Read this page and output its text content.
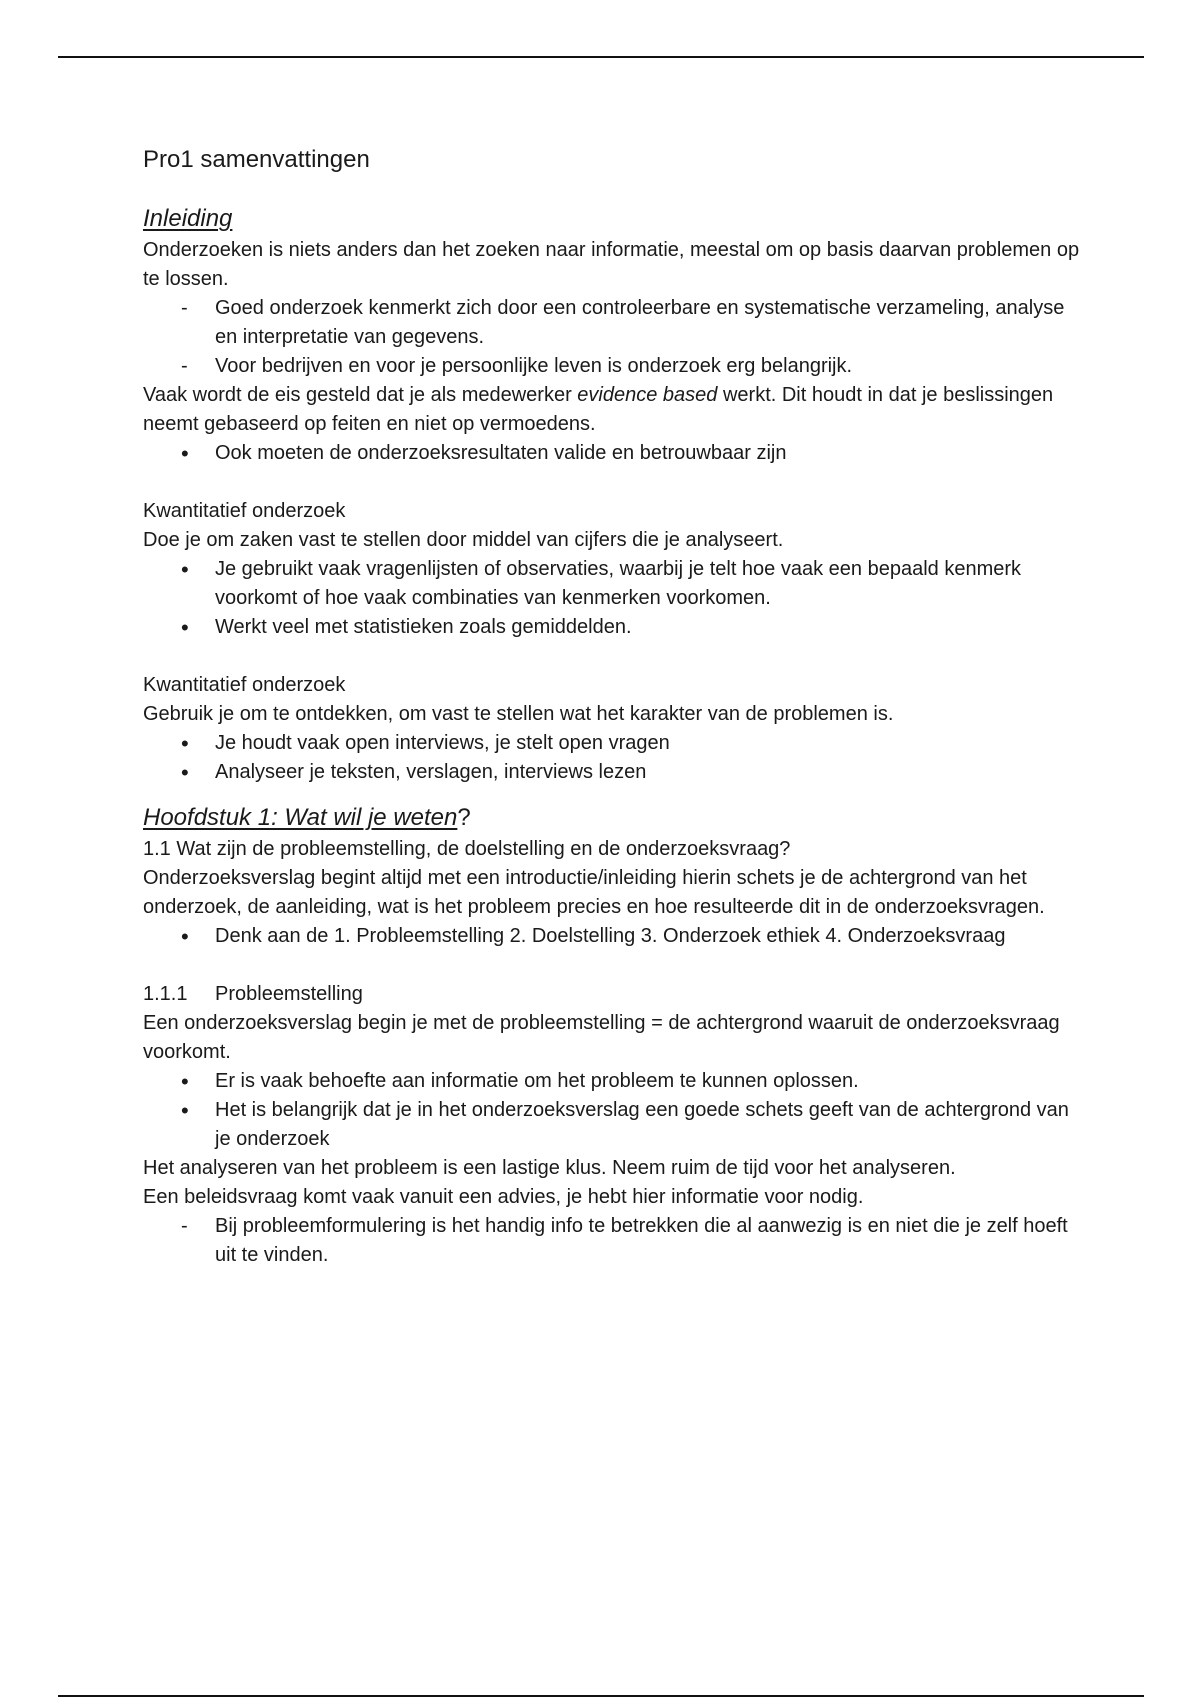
Pro1 samenvattingen
Inleiding

Onderzoeken is niets anders dan het zoeken naar informatie, meestal om op basis daarvan problemen op te lossen.

- Goed onderzoek kenmerkt zich door een controleerbare en systematische verzameling, analyse en interpretatie van gegevens.
- Voor bedrijven en voor je persoonlijke leven is onderzoek erg belangrijk.

Vaak wordt de eis gesteld dat je als medewerker evidence based werkt. Dit houdt in dat je beslissingen neemt gebaseerd op feiten en niet op vermoedens.

• Ook moeten de onderzoeksresultaten valide en betrouwbaar zijn

Kwantitatief onderzoek

Doe je om zaken vast te stellen door middel van cijfers die je analyseert.

• Je gebruikt vaak vragenlijsten of observaties, waarbij je telt hoe vaak een bepaald kenmerk voorkomt of hoe vaak combinaties van kenmerken voorkomen.
• Werkt veel met statistieken zoals gemiddelden.

Kwantitatief onderzoek

Gebruik je om te ontdekken, om vast te stellen wat het karakter van de problemen is.

• Je houdt vaak open interviews, je stelt open vragen
• Analyseer je teksten, verslagen, interviews lezen
Hoofdstuk 1: Wat wil je weten?

1.1 Wat zijn de probleemstelling, de doelstelling en de onderzoeksvraag?

Onderzoeksverslag begint altijd met een introductie/inleiding hierin schets je de achtergrond van het onderzoek, de aanleiding, wat is het probleem precies en hoe resulteerde dit in de onderzoeksvragen.

• Denk aan de 1. Probleemstelling 2. Doelstelling 3. Onderzoek ethiek 4. Onderzoeksvraag

1.1.1 Probleemstelling

Een onderzoeksverslag begin je met de probleemstelling = de achtergrond waaruit de onderzoeksvraag voorkomt.

• Er is vaak behoefte aan informatie om het probleem te kunnen oplossen.
• Het is belangrijk dat je in het onderzoeksverslag een goede schets geeft van de achtergrond van je onderzoek

Het analyseren van het probleem is een lastige klus. Neem ruim de tijd voor het analyseren.

Een beleidsvraag komt vaak vanuit een advies, je hebt hier informatie voor nodig.

- Bij probleemformulering is het handig info te betrekken die al aanwezig is en niet die je zelf hoeft uit te vinden.
